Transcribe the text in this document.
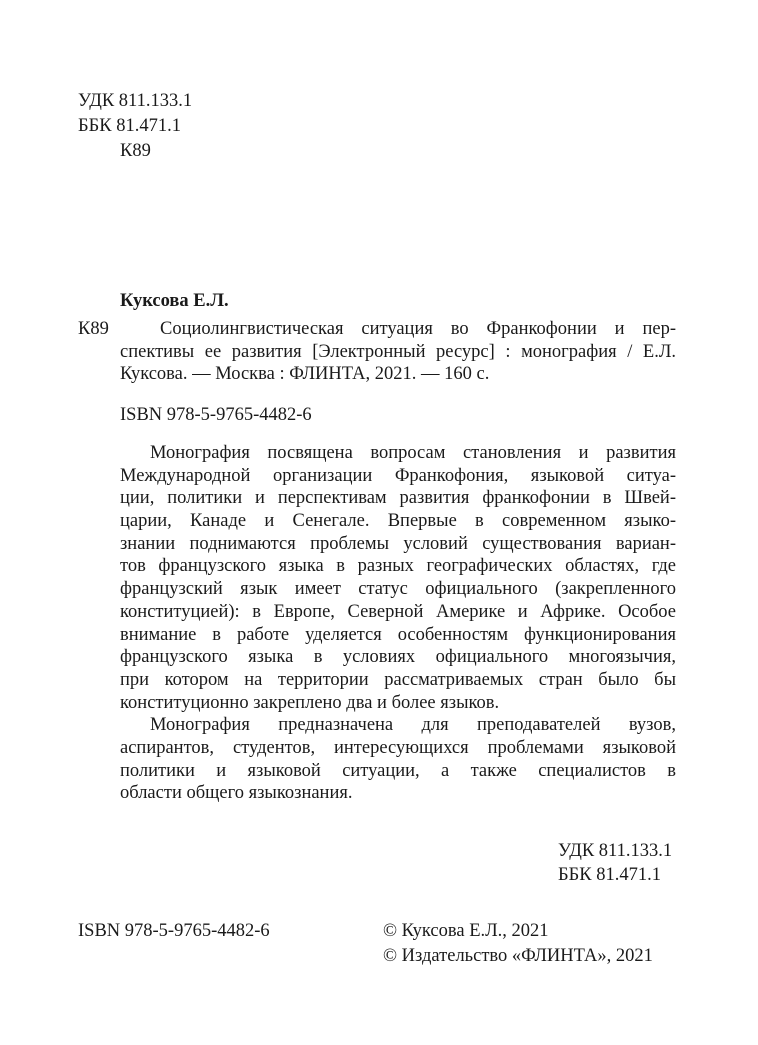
УДК 811.133.1
ББК 81.471.1
К89
Куксова Е.Л.
К89	Социолингвистическая ситуация во Франкофонии и пер-
спективы ее развития [Электронный ресурс] : монография / Е.Л.
Куксова. — Москва : ФЛИНТА, 2021. — 160 с.
ISBN 978-5-9765-4482-6
Монография посвящена вопросам становления и развития
Международной организации Франкофония, языковой ситуа-
ции, политики и перспективам развития франкофонии в Швей-
царии, Канаде и Сенегале. Впервые в современном языко-
знании поднимаются проблемы условий существования вариан-
тов французского языка в разных географических областях, где
французский язык имеет статус официального (закрепленного
конституцией): в Европе, Северной Америке и Африке. Особое
внимание в работе уделяется особенностям функционирования
французского языка в условиях официального многоязычия,
при котором на территории рассматриваемых стран было бы
конституционно закреплено два и более языков.
Монография предназначена для преподавателей вузов,
аспирантов, студентов, интересующихся проблемами языковой
политики и языковой ситуации, а также специалистов в
области общего языкознания.
УДК 811.133.1
ББК 81.471.1
ISBN 978-5-9765-4482-6	© Куксова Е.Л., 2021
© Издательство «ФЛИНТА», 2021
